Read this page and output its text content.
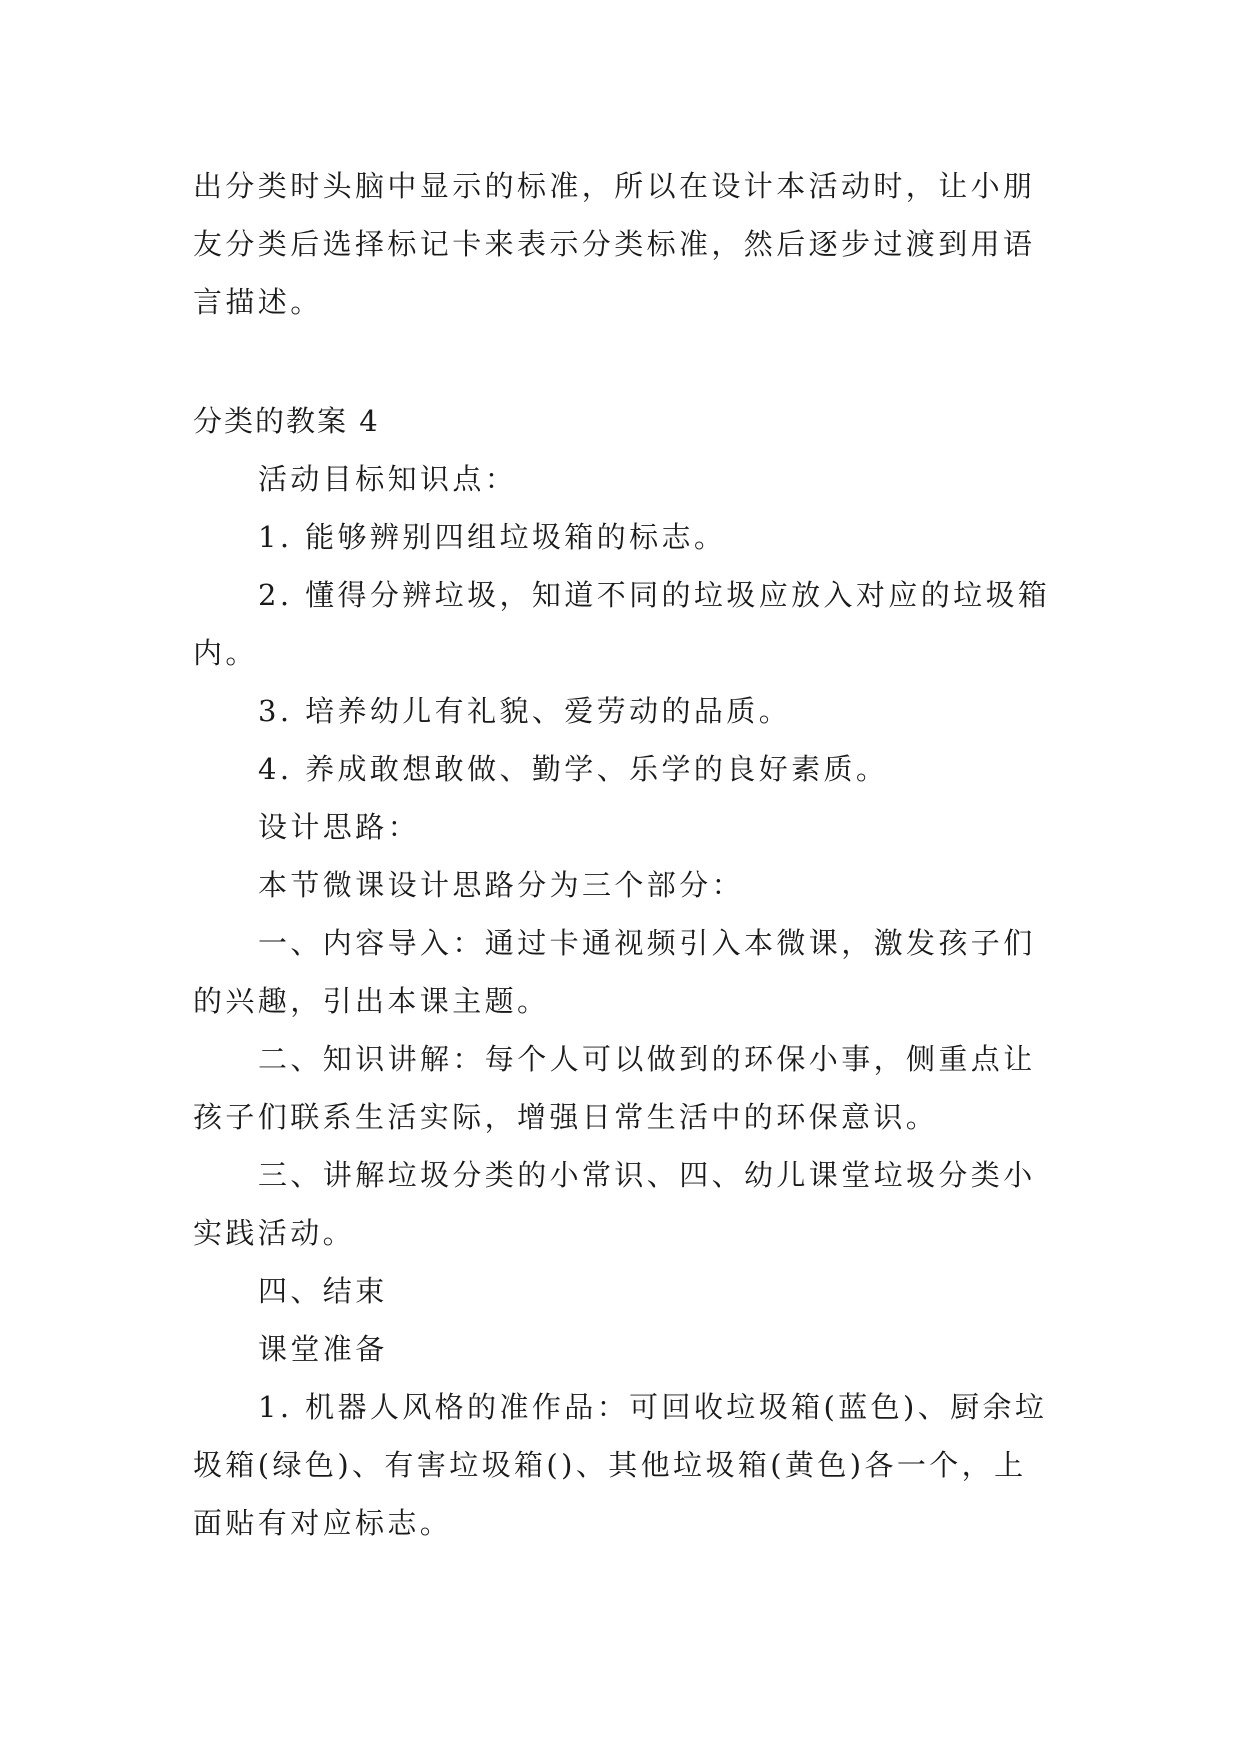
出分类时头脑中显示的标准，所以在设计本活动时，让小朋
友分类后选择标记卡来表示分类标准，然后逐步过渡到用语
言描述。
分类的教案 4
活动目标知识点：
1. 能够辨别四组垃圾箱的标志。
2. 懂得分辨垃圾，知道不同的垃圾应放入对应的垃圾箱
内。
3. 培养幼儿有礼貌、爱劳动的品质。
4. 养成敢想敢做、勤学、乐学的良好素质。
设计思路：
本节微课设计思路分为三个部分：
一、内容导入：通过卡通视频引入本微课，激发孩子们
的兴趣，引出本课主题。
二、知识讲解：每个人可以做到的环保小事，侧重点让
孩子们联系生活实际，增强日常生活中的环保意识。
三、讲解垃圾分类的小常识、四、幼儿课堂垃圾分类小
实践活动。
四、结束
课堂准备
1. 机器人风格的准作品：可回收垃圾箱(蓝色)、厨余垃
圾箱(绿色)、有害垃圾箱()、其他垃圾箱(黄色)各一个，上
面贴有对应标志。
